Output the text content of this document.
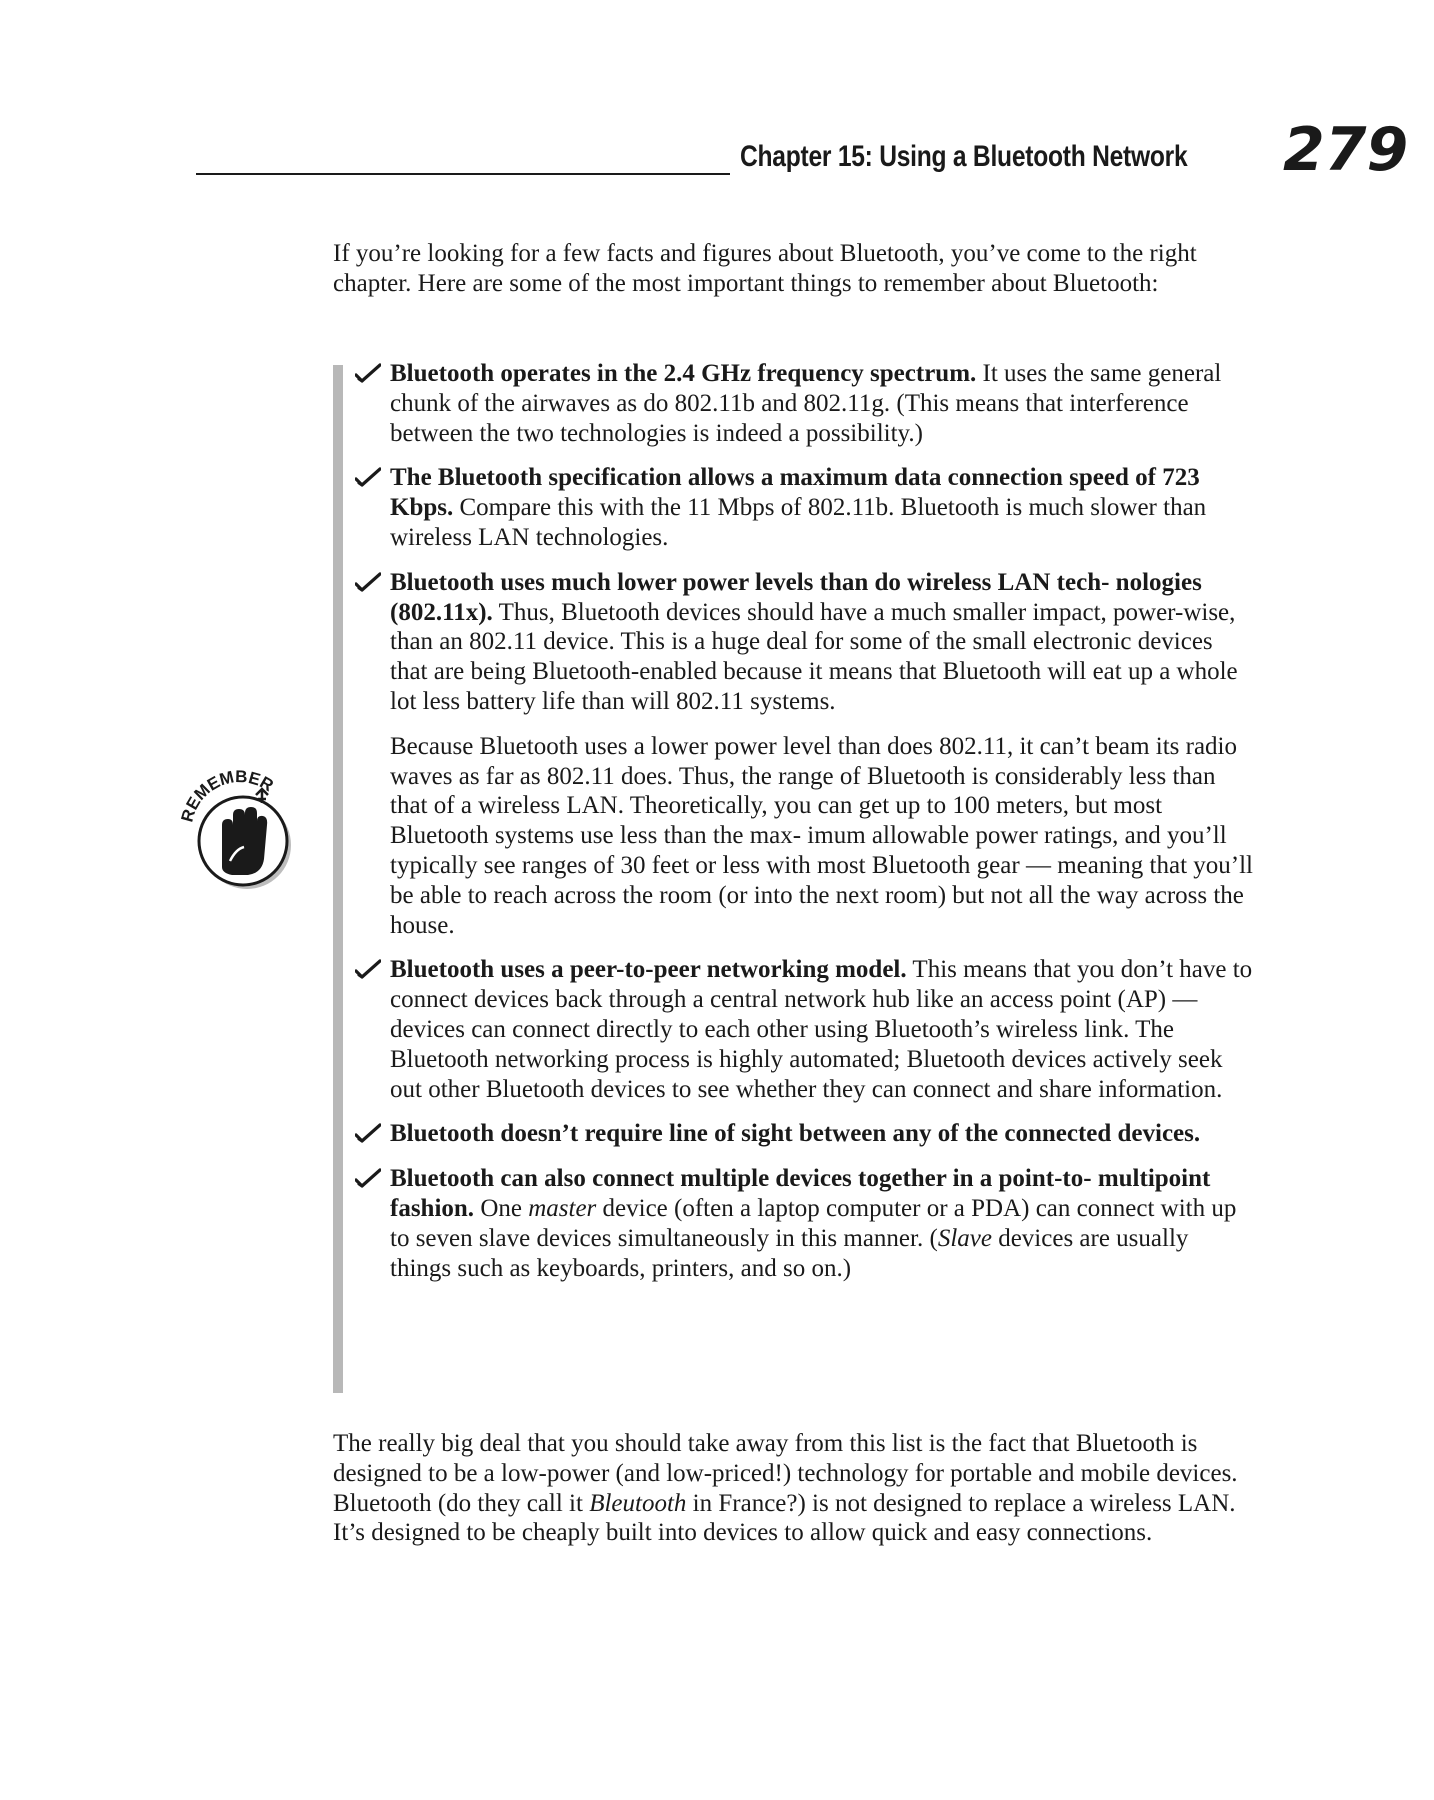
Chapter 15: Using a Bluetooth Network 279

If you’re looking for a few facts and figures about Bluetooth, you’ve come to the right chapter. Here are some of the most important things to remember about Bluetooth:

REMEMBER
Bluetooth operates in the 2.4 GHz frequency spectrum. It uses the same general chunk of the airwaves as do 802.11b and 802.11g. (This means that interference between the two technologies is indeed a possibility.)
The Bluetooth specification allows a maximum data connection speed of 723 Kbps. Compare this with the 11 Mbps of 802.11b. Bluetooth is much slower than wireless LAN technologies.
Bluetooth uses much lower power levels than do wireless LAN tech- nologies (802.11x). Thus, Bluetooth devices should have a much smaller impact, power-wise, than an 802.11 device. This is a huge deal for some of the small electronic devices that are being Bluetooth-enabled because it means that Bluetooth will eat up a whole lot less battery life than will 802.11 systems.
Because Bluetooth uses a lower power level than does 802.11, it can’t beam its radio waves as far as 802.11 does. Thus, the range of Bluetooth is considerably less than that of a wireless LAN. Theoretically, you can get up to 100 meters, but most Bluetooth systems use less than the max- imum allowable power ratings, and you’ll typically see ranges of 30 feet or less with most Bluetooth gear — meaning that you’ll be able to reach across the room (or into the next room) but not all the way across the house.
Bluetooth uses a peer-to-peer networking model. This means that you don’t have to connect devices back through a central network hub like an access point (AP) — devices can connect directly to each other using Bluetooth’s wireless link. The Bluetooth networking process is highly automated; Bluetooth devices actively seek out other Bluetooth devices to see whether they can connect and share information.
Bluetooth doesn’t require line of sight between any of the connected devices.
Bluetooth can also connect multiple devices together in a point-to- multipoint fashion. One master device (often a laptop computer or a PDA) can connect with up to seven slave devices simultaneously in this manner. (Slave devices are usually things such as keyboards, printers, and so on.)

The really big deal that you should take away from this list is the fact that Bluetooth is designed to be a low-power (and low-priced!) technology for portable and mobile devices. Bluetooth (do they call it Bleutooth in France?) is not designed to replace a wireless LAN. It’s designed to be cheaply built into devices to allow quick and easy connections.
